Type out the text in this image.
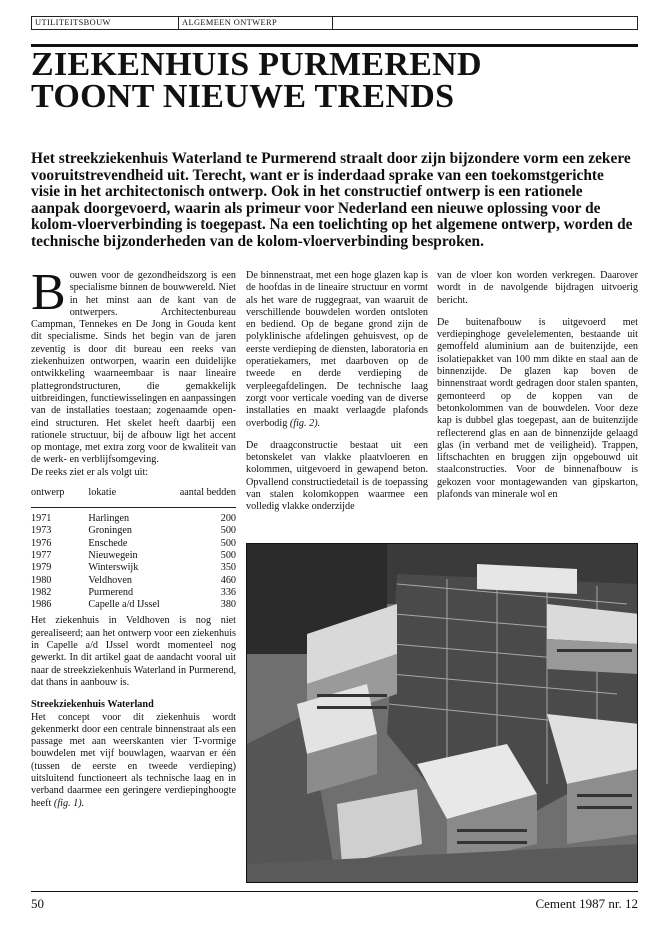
UTILITEITSBOUW	ALGEMEEN ONTWERP
ZIEKENHUIS PURMEREND
TOONT NIEUWE TRENDS

Het streekziekenhuis Waterland te Purmerend straalt door zijn bijzondere vorm een zekere vooruitstrevendheid uit. Terecht, want er is inderdaad sprake van een toekomstgerichte visie in het architectonisch ontwerp. Ook in het constructief ontwerp is een rationele aanpak doorgevoerd, waarin als primeur voor Nederland een nieuwe oplossing voor de kolom-vloerverbinding is toegepast. Na een toelichting op het algemene ontwerp, worden de technische bijzonderheden van de kolom-vloerverbinding besproken.

B ouwen voor de gezondheidszorg is een specialisme binnen de bouwwereld. Niet in het minst aan de kant van de ontwerpers. Architectenbureau Campman, Tennekes en De Jong in Gouda kent dit specialisme. Sinds het begin van de jaren zeventig is door dit bureau een reeks van ziekenhuizen ontworpen, waarin een duidelijke ontwikkeling waarneembaar is naar lineaire plattegrondstructuren, die gemakkelijk uitbreidingen, functiewisselingen en aanpassingen van de installaties toestaan; zogenaamde open-eind structuren. Het skelet heeft daarbij een rationele structuur, bij de afbouw ligt het accent op montage, met extra zorg voor de kwaliteit van de werk- en verblijfsomgeving.
De reeks ziet er als volgt uit:

ontwerp	lokatie	aantal bedden
1971	Harlingen	200
1973	Groningen	500
1976	Enschede	500
1977	Nieuwegein	500
1979	Winterswijk	350
1980	Veldhoven	460
1982	Purmerend	336
1986	Capelle a/d IJssel	380

Het ziekenhuis in Veldhoven is nog niet gerealiseerd; aan het ontwerp voor een ziekenhuis in Capelle a/d IJssel wordt momenteel nog gewerkt. In dit artikel gaat de aandacht vooral uit naar de streekziekenhuis Waterland in Purmerend, dat thans in aanbouw is.

Streekziekenhuis Waterland

Het concept voor dit ziekenhuis wordt gekenmerkt door een centrale binnenstraat als een passage met aan weerskanten vier T-vormige bouwdelen met vijf bouwlagen, waarvan er één (tussen de eerste en tweede verdieping) uitsluitend functioneert als technische laag en in verband daarmee een geringere verdiepinghoogte heeft (fig. 1).

De binnenstraat, met een hoge glazen kap is de hoofdas in de lineaire structuur en vormt als het ware de ruggegraat, van waaruit de verschillende bouwdelen worden ontsloten en bediend. Op de begane grond zijn de polyklinische afdelingen gehuisvest, op de eerste verdieping de diensten, laboratoria en operatiekamers, met daarboven op de tweede en derde verdieping de verpleegafdelingen. De technische laag zorgt voor verticale voeding van de diverse installaties en maakt verlaagde plafonds overbodig (fig. 2).

De draagconstructie bestaat uit een betonskelet van vlakke plaatvloeren en kolommen, uitgevoerd in gewapend beton. Opvallend constructiedetail is de toepassing van stalen kolomkoppen waarmee een volledig vlakke onderzijde

van de vloer kon worden verkregen. Daarover wordt in de navolgende bijdragen uitvoerig bericht.

De buitenafbouw is uitgevoerd met verdiepinghoge gevelelementen, bestaande uit gemoffeld aluminium aan de buitenzijde, een isolatiepakket van 100 mm dikte en staal aan de binnenzijde. De glazen kap boven de binnenstraat wordt gedragen door stalen spanten, gemonteerd op de koppen van de betonkolommen van de bouwdelen. Voor deze kap is dubbel glas toegepast, aan de buitenzijde reflecterend glas en aan de binnenzijde gelaagd glas (in verband met de veiligheid). Trappen, liftschachten en bruggen zijn opgebouwd uit staalconstructies. Voor de binnenafbouw is gekozen voor montagewanden van gipskarton, plafonds van minerale wol en

50	Cement 1987 nr. 12
